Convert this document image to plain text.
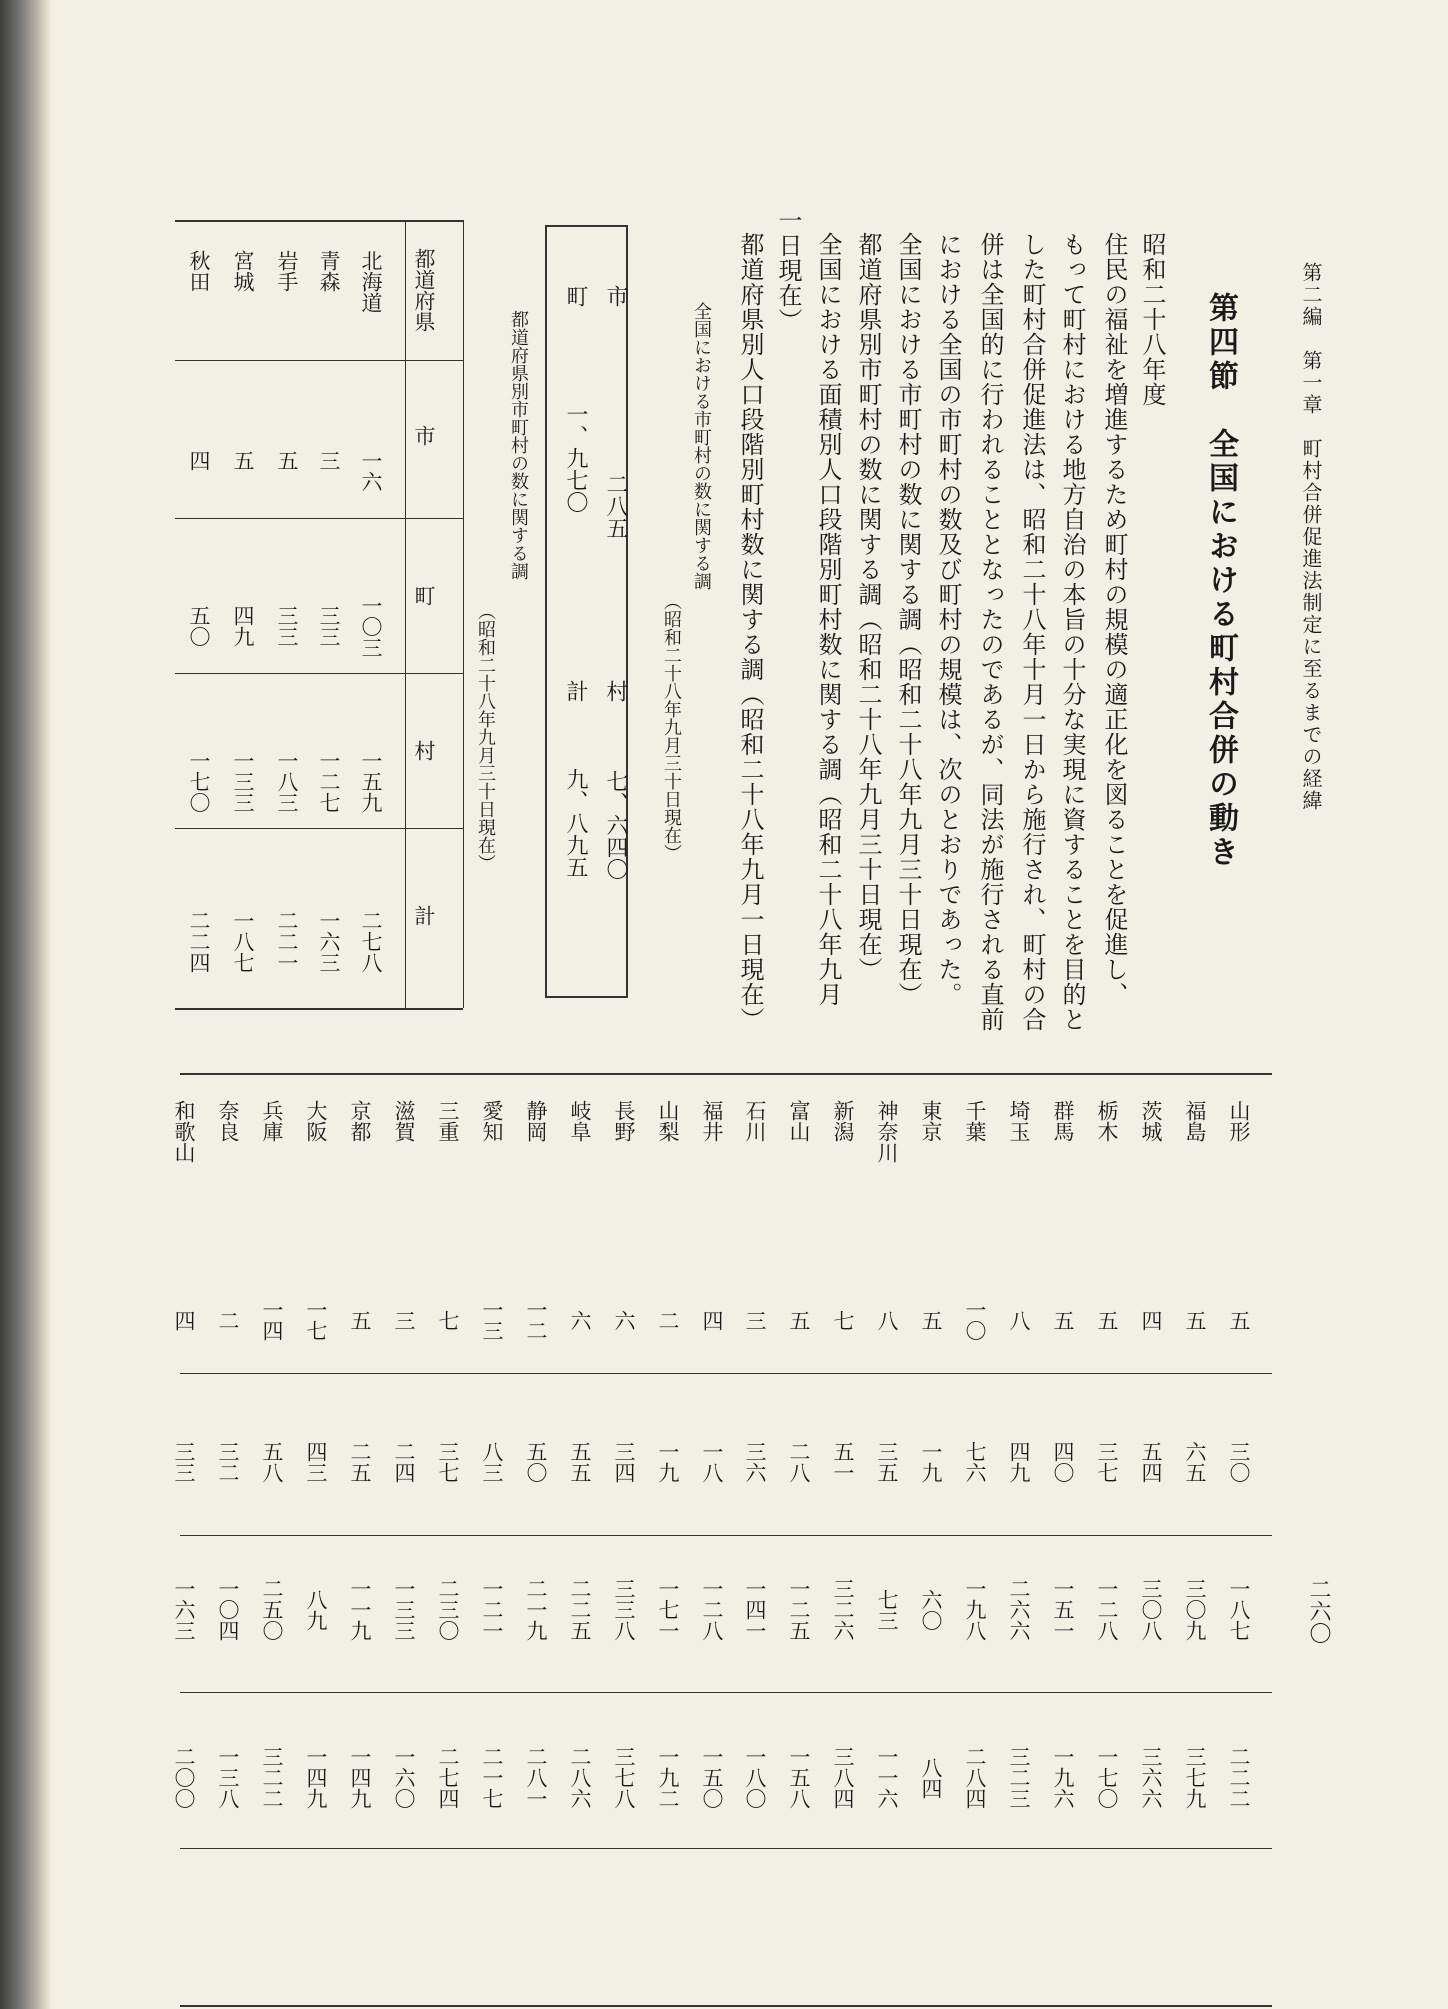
第二編　第一章　町村合併促進法制定に至るまでの経緯
第四節　全国における町村合併の動き
昭和二十八年度
住民の福祉を増進するため町村の規模の適正化を図ることを促進し、
もって町村における地方自治の本旨の十分な実現に資することを目的と
した町村合併促進法は、昭和二十八年十月一日から施行され、町村の合
併は全国的に行われることとなったのであるが、同法が施行される直前
における全国の市町村の数及び町村の規模は、次のとおりであった。
全国における市町村の数に関する調（昭和二十八年九月三十日現在）
都道府県別市町村の数に関する調（昭和二十八年九月三十日現在）
全国における面積別人口段階別町村数に関する調（昭和二十八年九月
一日現在）
都道府県別人口段階別町村数に関する調（昭和二十八年九月一日現在）
全国における市町村の数に関する調
（昭和二十八年九月三十日現在）
市
二八五
村
七、六四〇
町
一、九七〇
計
九、八九五
都道府県別市町村の数に関する調
（昭和二十八年九月三十日現在）
都道府県
市
町
村
計
北海道
一六
一〇三
一五九
二七八
青森
三
三三
一二七
一六三
岩手
五
三三
一八三
二二一
宮城
五
四九
一三三
一八七
秋田
四
五〇
一七〇
二二四
山形
五
三〇
一八七
二二二
福島
五
六五
三〇九
三七九
茨城
四
五四
三〇八
三六六
栃木
五
三七
一二八
一七〇
群馬
五
四〇
一五一
一九六
埼玉
八
四九
二六六
三二三
千葉
一〇
七六
一九八
二八四
東京
五
一九
六〇
八四
神奈川
八
三五
七三
一一六
新潟
七
五一
三二六
三八四
富山
五
二八
一二五
一五八
石川
三
三六
一四一
一八〇
福井
四
一八
一二八
一五〇
山梨
二
一九
一七一
一九二
長野
六
三四
三三八
三七八
岐阜
六
五五
二二五
二八六
静岡
一二
五〇
二一九
二八一
愛知
一三
八三
一二一
二一七
三重
七
三七
二三〇
二七四
滋賀
三
二四
一三三
一六〇
京都
五
二五
一一九
一四九
大阪
一七
四三
八九
一四九
兵庫
一四
五八
二五〇
三二二
奈良
二
三二
一〇四
一三八
和歌山
四
三三
一六三
二〇〇
二六〇
